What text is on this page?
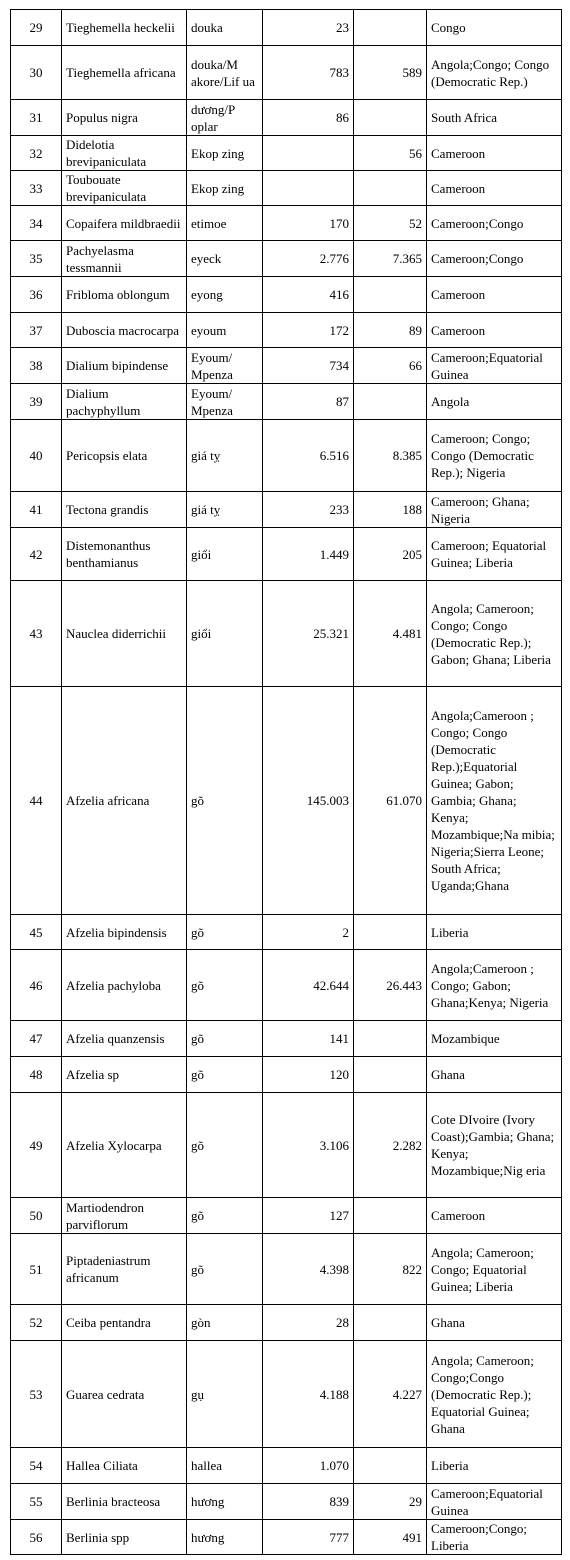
29	Tieghemella heckelii	douka	23		Congo
30	Tieghemella africana	douka/M akore/Lif ua	783	589	Angola;Congo; Congo (Democratic Rep.)
31	Populus nigra	dương/P oplar	86		South Africa
32	Didelotia brevipaniculata	Ekop zing		56	Cameroon
33	Toubouate brevipaniculata	Ekop zing			Cameroon
34	Copaifera mildbraedii	etimoe	170	52	Cameroon;Congo
35	Pachyelasma tessmannii	eyeck	2.776	7.365	Cameroon;Congo
36	Fribloma oblongum	eyong	416		Cameroon
37	Duboscia macrocarpa	eyoum	172	89	Cameroon
38	Dialium bipindense	Eyoum/ Mpenza	734	66	Cameroon;Equatorial Guinea
39	Dialium pachyphyllum	Eyoum/ Mpenza	87		Angola
40	Pericopsis elata	giá tỵ	6.516	8.385	Cameroon; Congo; Congo (Democratic Rep.); Nigeria
41	Tectona grandis	giá tỵ	233	188	Cameroon; Ghana; Nigeria
42	Distemonanthus benthamianus	giổi	1.449	205	Cameroon; Equatorial Guinea; Liberia
43	Nauclea diderrichii	giổi	25.321	4.481	Angola; Cameroon; Congo; Congo (Democratic Rep.); Gabon; Ghana; Liberia
44	Afzelia africana	gõ	145.003	61.070	Angola;Cameroon ; Congo; Congo (Democratic Rep.);Equatorial Guinea; Gabon; Gambia; Ghana; Kenya; Mozambique;Na mibia; Nigeria;Sierra Leone; South Africa; Uganda;Ghana
45	Afzelia bipindensis	gõ	2		Liberia
46	Afzelia pachyloba	gõ	42.644	26.443	Angola;Cameroon ; Congo; Gabon; Ghana;Kenya; Nigeria
47	Afzelia quanzensis	gõ	141		Mozambique
48	Afzelia sp	gõ	120		Ghana
49	Afzelia Xylocarpa	gõ	3.106	2.282	Cote DIvoire (Ivory Coast);Gambia; Ghana; Kenya; Mozambique;Nig eria
50	Martiodendron parviflorum	gõ	127		Cameroon
51	Piptadeniastrum africanum	gõ	4.398	822	Angola; Cameroon; Congo; Equatorial Guinea; Liberia
52	Ceiba pentandra	gòn	28		Ghana
53	Guarea cedrata	gụ	4.188	4.227	Angola; Cameroon; Congo;Congo (Democratic Rep.); Equatorial Guinea; Ghana
54	Hallea Ciliata	hallea	1.070		Liberia
55	Berlinia bracteosa	hương	839	29	Cameroon;Equatorial Guinea
56	Berlinia spp	hương	777	491	Cameroon;Congo; Liberia
